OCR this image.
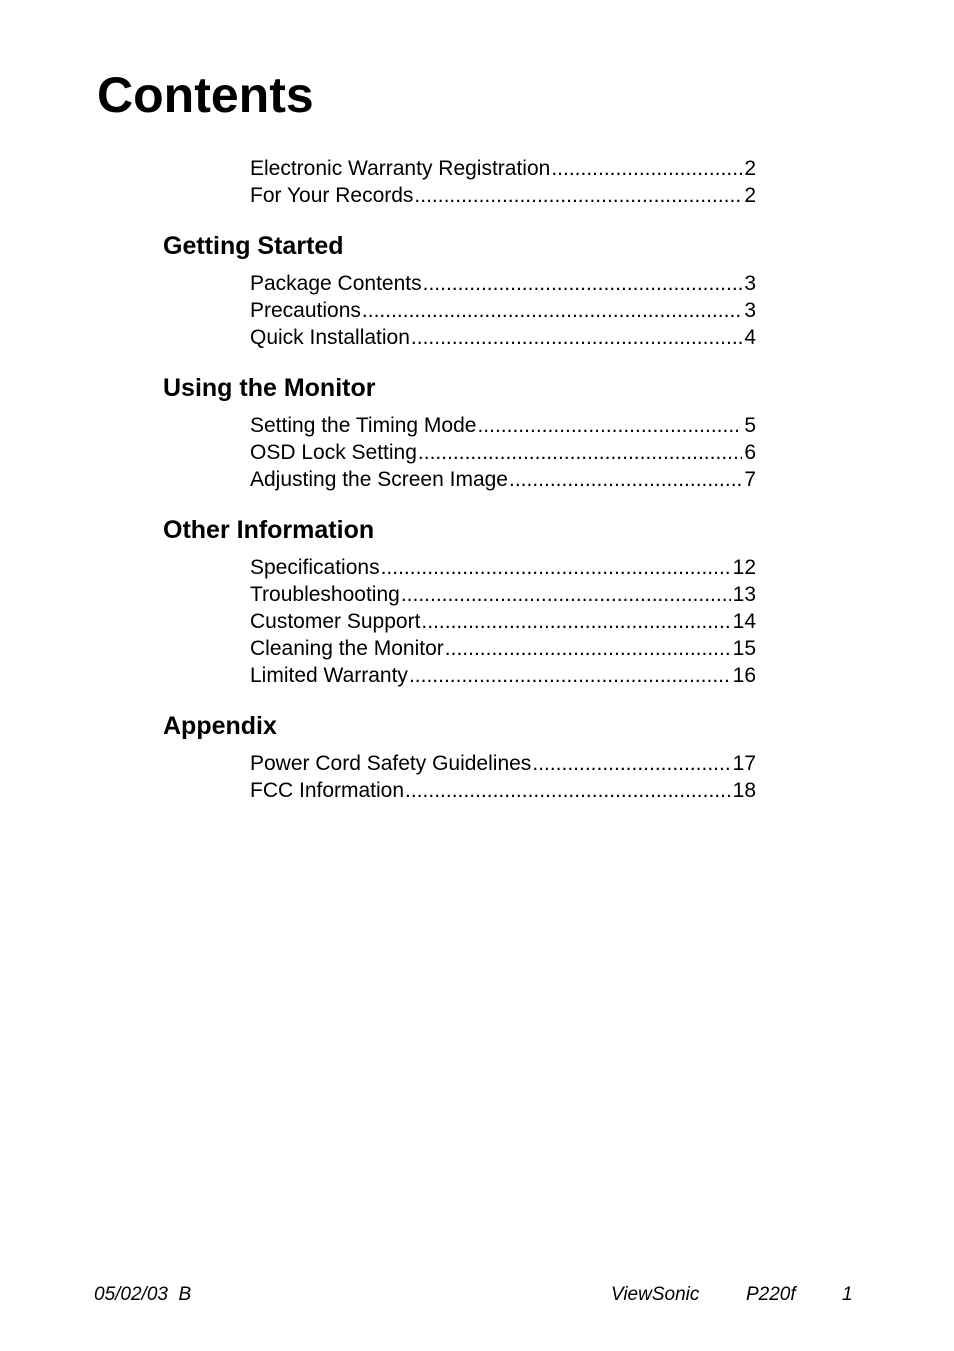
Contents
Electronic Warranty Registration .....	2
For Your Records .....	2
Getting Started
Package Contents .....	3
Precautions .....	3
Quick Installation .....	4
Using the Monitor
Setting the Timing Mode .....	5
OSD Lock Setting .....	6
Adjusting the Screen Image .....	7
Other Information
Specifications .....	12
Troubleshooting .....	13
Customer Support .....	14
Cleaning the Monitor .....	15
Limited Warranty .....	16
Appendix
Power Cord Safety Guidelines .....	17
FCC Information .....	18
05/02/03  B	ViewSonic P220f 1
